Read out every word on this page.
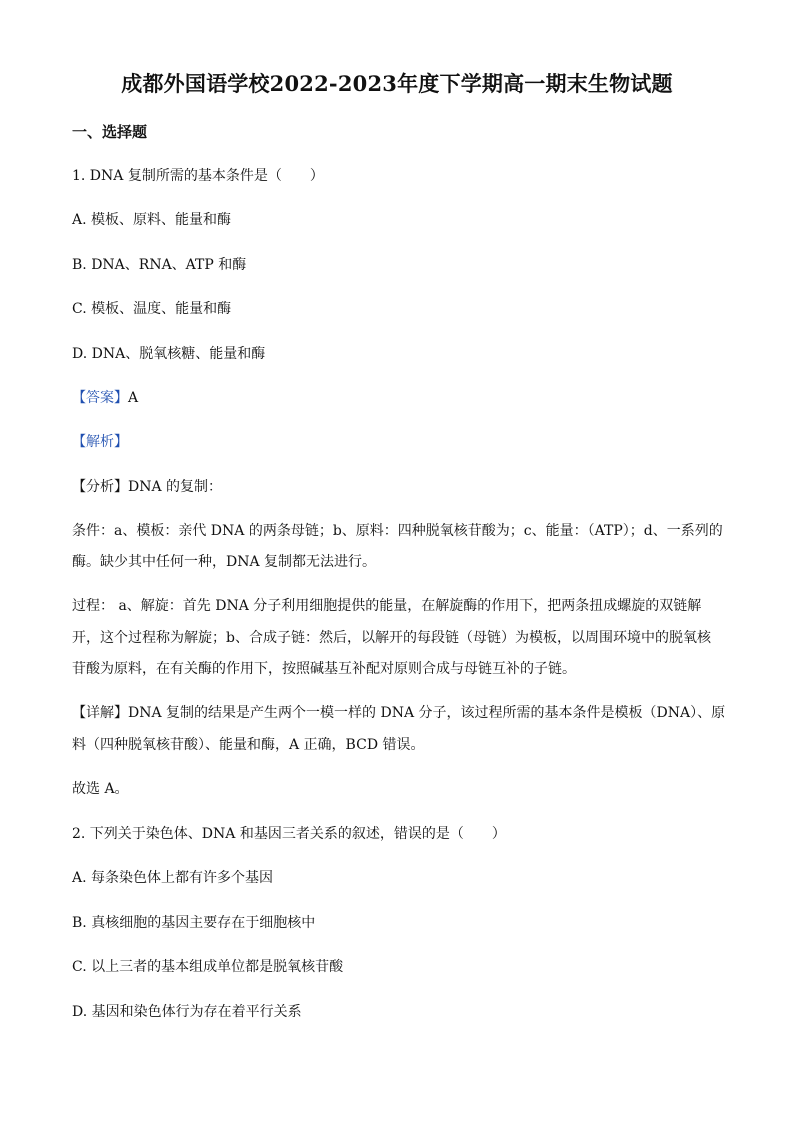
成都外国语学校2022-2023年度下学期高一期末生物试题
一、选择题
1. DNA 复制所需的基本条件是（　　）
A. 模板、原料、能量和酶
B. DNA、RNA、ATP 和酶
C. 模板、温度、能量和酶
D. DNA、脱氧核糖、能量和酶
【答案】A
【解析】
【分析】DNA 的复制：
条件：a、模板：亲代 DNA 的两条母链；b、原料：四种脱氧核苷酸为；c、能量：（ATP）；d、一系列的
酶。缺少其中任何一种，DNA 复制都无法进行。
过程： a、解旋：首先 DNA 分子利用细胞提供的能量，在解旋酶的作用下，把两条扭成螺旋的双链解
开，这个过程称为解旋；b、合成子链：然后，以解开的每段链（母链）为模板，以周围环境中的脱氧核
苷酸为原料，在有关酶的作用下，按照碱基互补配对原则合成与母链互补的子链。
【详解】DNA 复制的结果是产生两个一模一样的 DNA 分子，该过程所需的基本条件是模板（DNA）、原
料（四种脱氧核苷酸）、能量和酶，A 正确，BCD 错误。
故选 A。
2. 下列关于染色体、DNA 和基因三者关系的叙述，错误的是（　　）
A. 每条染色体上都有许多个基因
B. 真核细胞的基因主要存在于细胞核中
C. 以上三者的基本组成单位都是脱氧核苷酸
D. 基因和染色体行为存在着平行关系
